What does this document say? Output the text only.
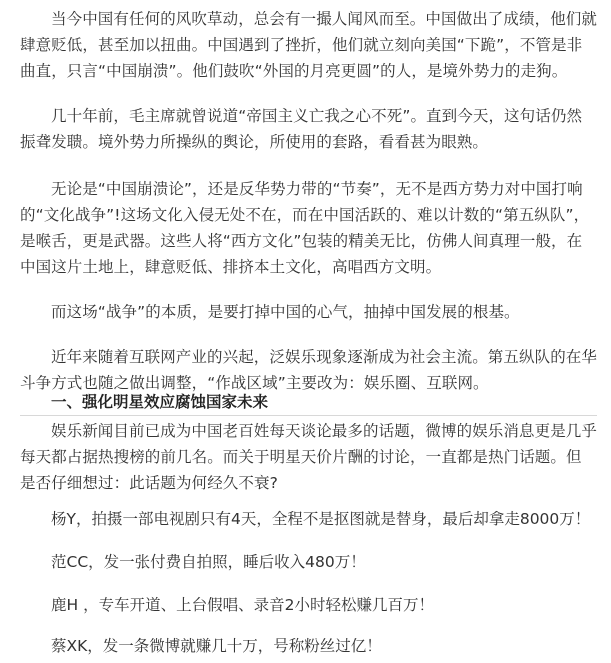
当今中国有任何的风吹草动，总会有一撮人闻风而至。中国做出了成绩，他们就肆意贬低，甚至加以扭曲。中国遇到了挫折，他们就立刻向美国“下跪”，不管是非曲直，只言“中国崩溃”。他们鼓吹“外国的月亮更圆”的人，是境外势力的走狗。

几十年前，毛主席就曾说道“帝国主义亡我之心不死”。直到今天，这句话仍然振聋发聩。境外势力所操纵的舆论，所使用的套路，看看甚为眼熟。

无论是“中国崩溃论”，还是反华势力带的“节奏”，无不是西方势力对中国打响的“文化战争”!这场文化入侵无处不在，而在中国活跃的、难以计数的“第五纵队”，是喉舌，更是武器。这些人将“西方文化”包装的精美无比，仿佛人间真理一般，在中国这片土地上，肆意贬低、排挤本土文化，高唱西方文明。

而这场“战争”的本质，是要打掉中国的心气，抽掉中国发展的根基。

近年来随着互联网产业的兴起，泛娱乐现象逐渐成为社会主流。第五纵队的在华斗争方式也随之做出调整，“作战区域”主要改为：娱乐圈、互联网。

一、强化明星效应腐蚀国家未来

娱乐新闻目前已成为中国老百姓每天谈论最多的话题，微博的娱乐消息更是几乎每天都占据热搜榜的前几名。而关于明星天价片酬的讨论，一直都是热门话题。但是否仔细想过：此话题为何经久不衰?

杨Y，拍摄一部电视剧只有4天，全程不是抠图就是替身，最后却拿走8000万！

范CC，发一张付费自拍照，睡后收入480万！

鹿H ，专车开道、上台假唱、录音2小时轻松赚几百万！

蔡XK，发一条微博就赚几十万，号称粉丝过亿！
